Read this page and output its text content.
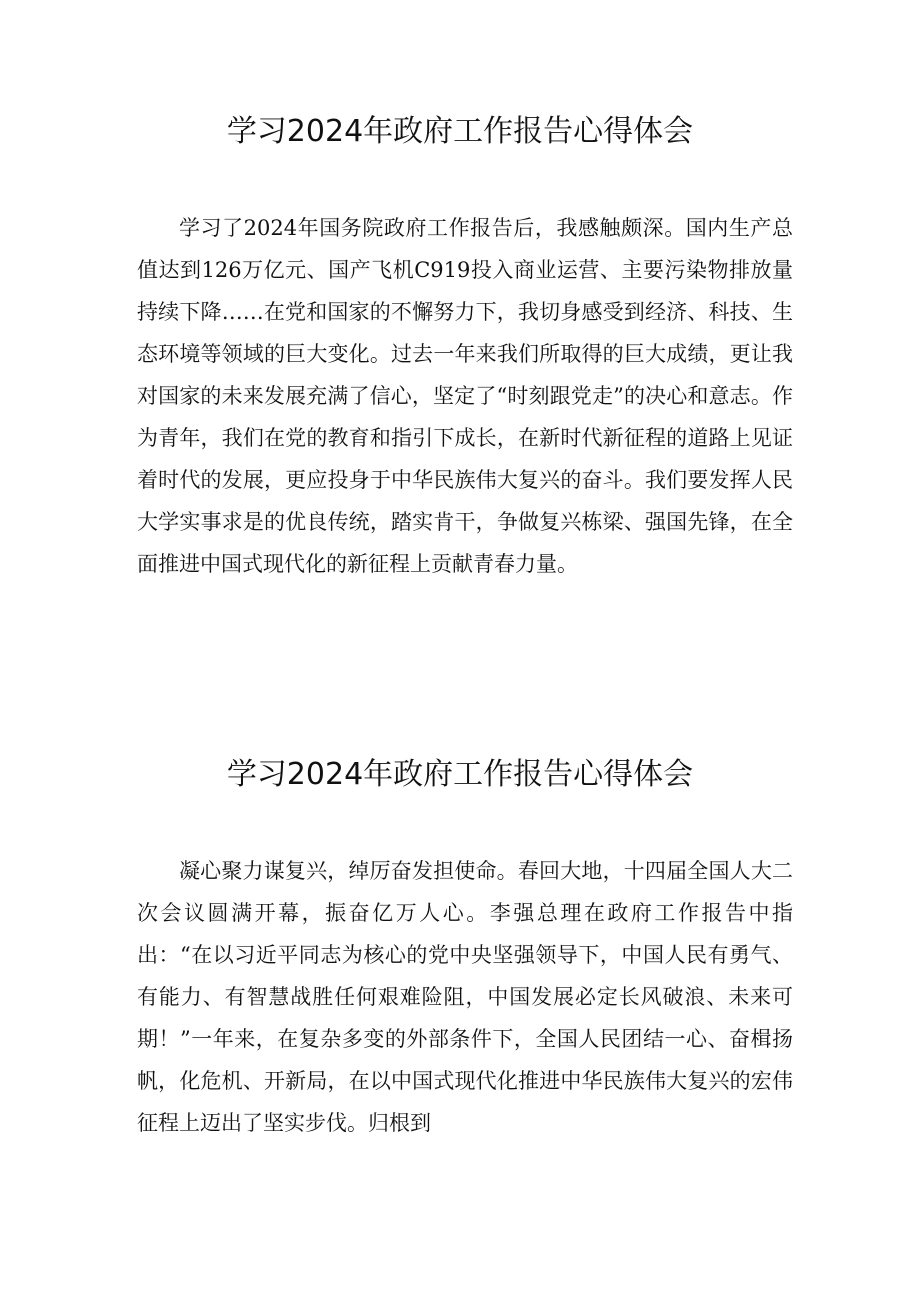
学习2024年政府工作报告心得体会

学习了2024年国务院政府工作报告后，我感触颇深。国内生产总值达到126万亿元、国产飞机C919投入商业运营、主要污染物排放量持续下降……在党和国家的不懈努力下，我切身感受到经济、科技、生态环境等领域的巨大变化。过去一年来我们所取得的巨大成绩，更让我对国家的未来发展充满了信心，坚定了“时刻跟党走”的决心和意志。作为青年，我们在党的教育和指引下成长，在新时代新征程的道路上见证着时代的发展，更应投身于中华民族伟大复兴的奋斗。我们要发挥人民大学实事求是的优良传统，踏实肯干，争做复兴栋梁、强国先锋，在全面推进中国式现代化的新征程上贡献青春力量。

学习2024年政府工作报告心得体会

凝心聚力谋复兴，绰厉奋发担使命。春回大地，十四届全国人大二次会议圆满开幕，振奋亿万人心。李强总理在政府工作报告中指出：“在以习近平同志为核心的党中央坚强领导下，中国人民有勇气、有能力、有智慧战胜任何艰难险阻，中国发展必定长风破浪、未来可期！”一年来，在复杂多变的外部条件下，全国人民团结一心、奋楫扬帆，化危机、开新局，在以中国式现代化推进中华民族伟大复兴的宏伟征程上迈出了坚实步伐。归根到
